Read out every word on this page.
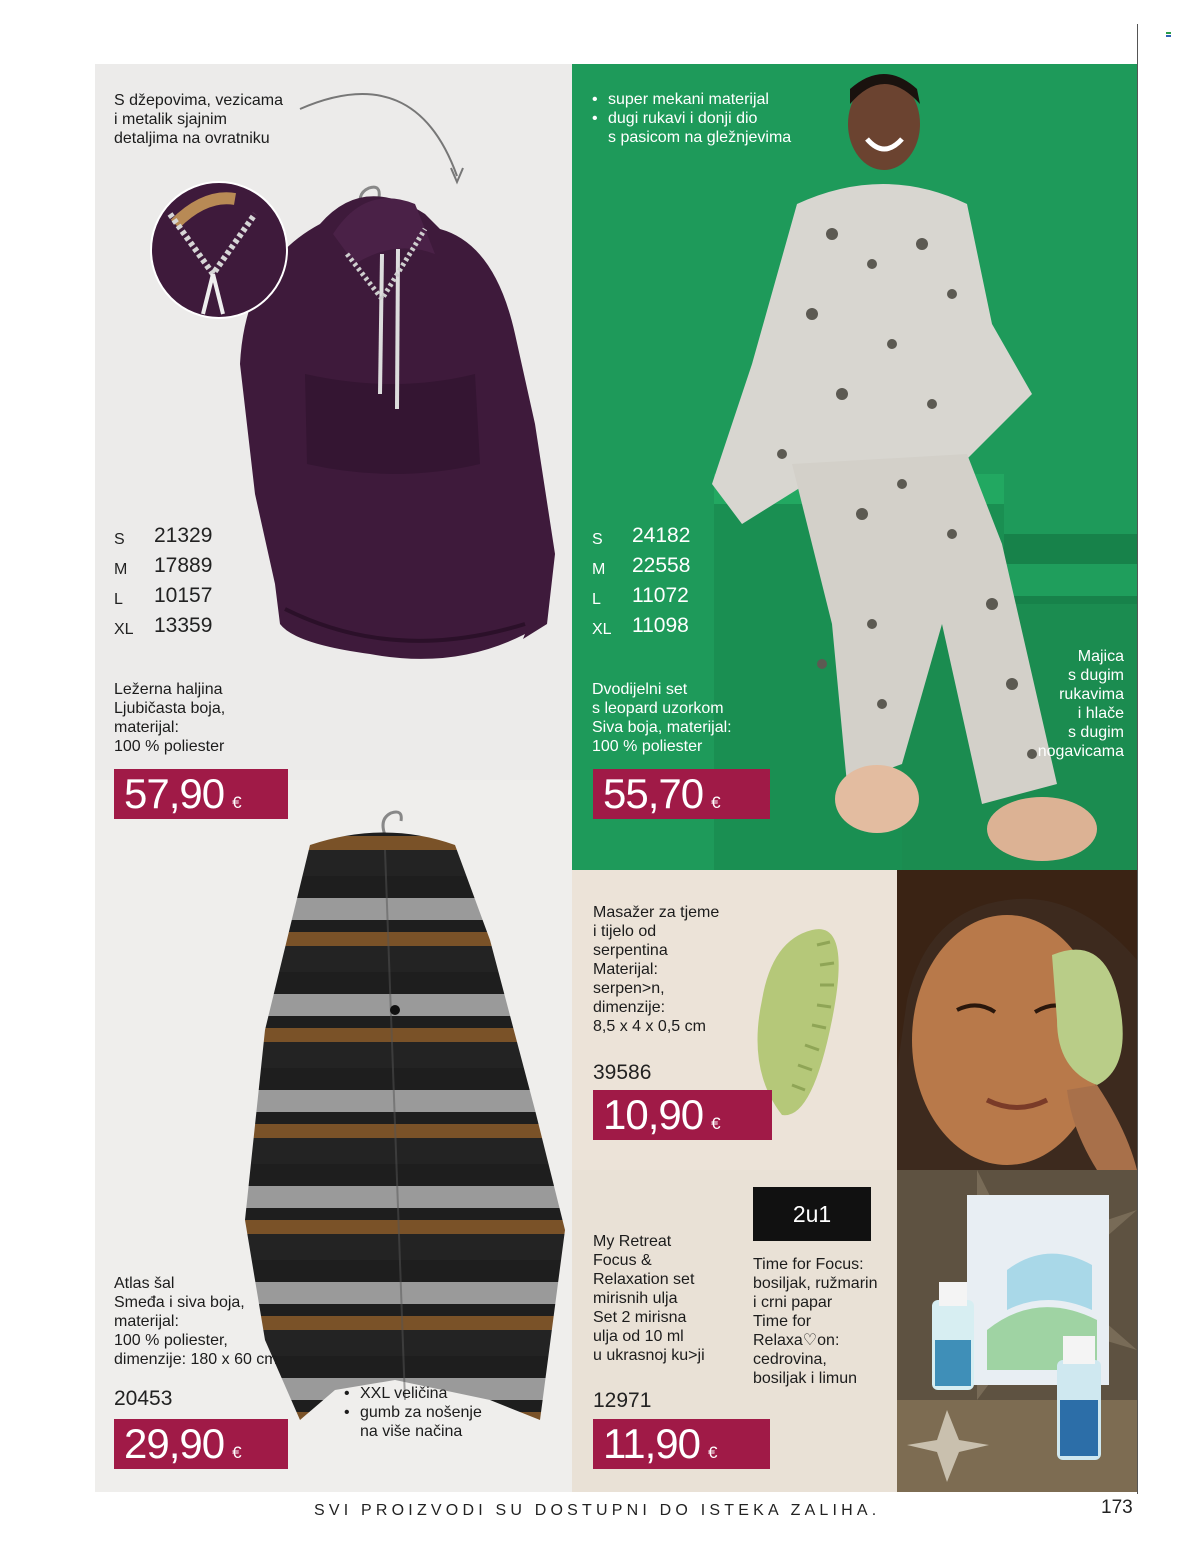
S džepovima, vezicama
i metalik sjajnim
detaljima na ovratniku
S	21329
M	17889
L	10157
XL 13359
Ležerna haljina
Ljubičasta boja,
materijal:
100 % poliester
57,90 €
• super mekani materijal
• dugi rukavi i donji dio
s pasicom na gležnjevima
S	24182
M	22558
L	11072
XL 11098
Dvodijelni set
s leopard uzorkom
Siva boja, materijal:
100 % poliester
Majica
s dugim
rukavima
i hlače
s dugim
nogavicama
55,70 €
Atlas šal
Smeđa i siva boja,
materijal:
100 % poliester,
dimenzije: 180 x 60 cm
20453	• XXL veličina
• gumb za nošenje
na više načina
29,90 €
Masažer za tjeme
i tijelo od
serpentina
Materijal:
serpen>n,
dimenzije:
8,5 x 4 x 0,5 cm
39586
10,90 €
2u1
My Retreat
Focus &
Relaxation set
mirisnih ulja
Set 2 mirisna
ulja od 10 ml
u ukrasnoj ku>ji
Time for Focus:
bosiljak, ružmarin
i crni papar
Time for
Relaxa♡on:
cedrovina,
bosiljak i limun
12971
11,90 €
SVI PROIZVODI SU DOSTUPNI DO ISTEKA ZALIHA.	173
